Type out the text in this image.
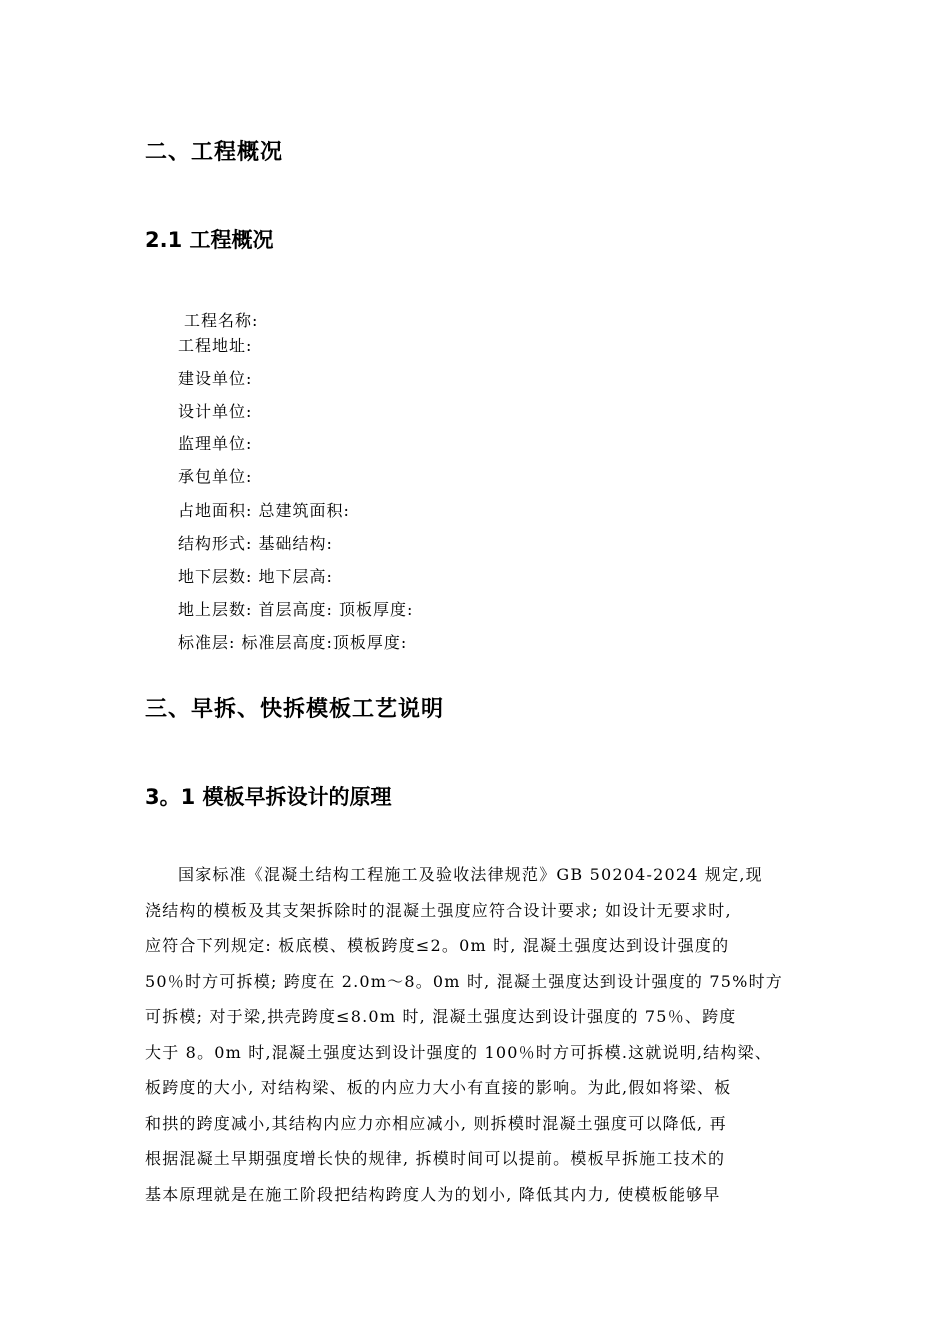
二、工程概况
2.1 工程概况

工程名称:

工程地址:

建设单位:

设计单位:

监理单位:

承包单位:

占地面积: 总建筑面积:

结构形式: 基础结构:

地下层数: 地下层高:

地上层数: 首层高度: 顶板厚度:

标准层: 标准层高度:顶板厚度:

三、早拆、快拆模板工艺说明
3。1 模板早拆设计的原理

国家标准《混凝土结构工程施工及验收法律规范》GB 50204-2024 规定,现

浇结构的模板及其支架拆除时的混凝土强度应符合设计要求; 如设计无要求时,

应符合下列规定: 板底模、模板跨度≤2。0m 时, 混凝土强度达到设计强度的

50％时方可拆模; 跨度在 2.0m～8。0m 时, 混凝土强度达到设计强度的 75%时方

可拆模; 对于梁,拱壳跨度≤8.0m 时, 混凝土强度达到设计强度的 75％、跨度

大于 8。0m 时,混凝土强度达到设计强度的 100％时方可拆模.这就说明,结构梁、

板跨度的大小, 对结构梁、板的内应力大小有直接的影响。为此,假如将梁、板

和拱的跨度减小,其结构内应力亦相应减小, 则拆模时混凝土强度可以降低, 再

根据混凝土早期强度增长快的规律, 拆模时间可以提前。模板早拆施工技术的

基本原理就是在施工阶段把结构跨度人为的划小, 降低其内力, 使模板能够早
